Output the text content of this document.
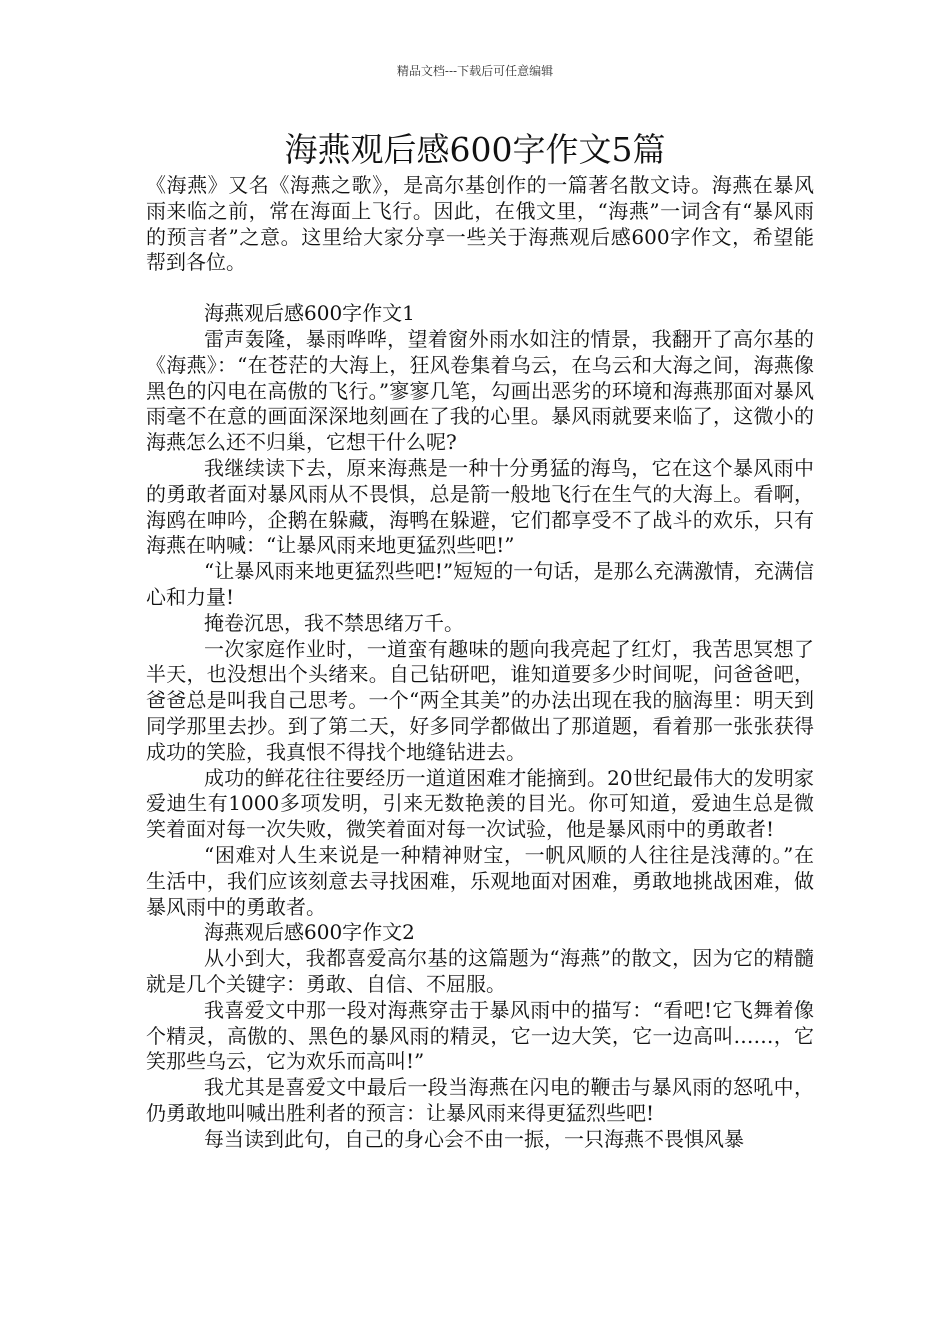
精品文档---下载后可任意编辑
海燕观后感600字作文5篇

《海燕》又名《海燕之歌》，是高尔基创作的一篇著名散文诗。海燕在暴风雨来临之前，常在海面上飞行。因此，在俄文里，“海燕”一词含有“暴风雨的预言者”之意。这里给大家分享一些关于海燕观后感600字作文，希望能帮到各位。

海燕观后感600字作文1

雷声轰隆，暴雨哗哗，望着窗外雨水如注的情景，我翻开了高尔基的《海燕》：“在苍茫的大海上，狂风卷集着乌云，在乌云和大海之间，海燕像黑色的闪电在高傲的飞行。”寥寥几笔，勾画出恶劣的环境和海燕那面对暴风雨毫不在意的画面深深地刻画在了我的心里。暴风雨就要来临了，这微小的海燕怎么还不归巢，它想干什么呢?

我继续读下去，原来海燕是一种十分勇猛的海鸟，它在这个暴风雨中的勇敢者面对暴风雨从不畏惧，总是箭一般地飞行在生气的大海上。看啊，海鸥在呻吟，企鹅在躲藏，海鸭在躲避，它们都享受不了战斗的欢乐，只有海燕在呐喊：“让暴风雨来地更猛烈些吧!”

“让暴风雨来地更猛烈些吧!”短短的一句话，是那么充满激情，充满信心和力量!

掩卷沉思，我不禁思绪万千。

一次家庭作业时，一道蛮有趣味的题向我亮起了红灯，我苦思冥想了半天，也没想出个头绪来。自己钻研吧，谁知道要多少时间呢，问爸爸吧，爸爸总是叫我自己思考。一个“两全其美”的办法出现在我的脑海里：明天到同学那里去抄。到了第二天，好多同学都做出了那道题，看着那一张张获得成功的笑脸，我真恨不得找个地缝钻进去。

成功的鲜花往往要经历一道道困难才能摘到。20世纪最伟大的发明家爱迪生有1000多项发明，引来无数艳羡的目光。你可知道，爱迪生总是微笑着面对每一次失败，微笑着面对每一次试验，他是暴风雨中的勇敢者!

“困难对人生来说是一种精神财宝，一帆风顺的人往往是浅薄的。”在生活中，我们应该刻意去寻找困难，乐观地面对困难，勇敢地挑战困难，做暴风雨中的勇敢者。

海燕观后感600字作文2

从小到大，我都喜爱高尔基的这篇题为“海燕”的散文，因为它的精髓就是几个关键字：勇敢、自信、不屈服。

我喜爱文中那一段对海燕穿击于暴风雨中的描写：“看吧!它飞舞着像个精灵，高傲的、黑色的暴风雨的精灵，它一边大笑，它一边高叫……，它笑那些乌云，它为欢乐而高叫!”

我尤其是喜爱文中最后一段当海燕在闪电的鞭击与暴风雨的怒吼中，仍勇敢地叫喊出胜利者的预言：让暴风雨来得更猛烈些吧!

每当读到此句，自己的身心会不由一振，一只海燕不畏惧风暴
